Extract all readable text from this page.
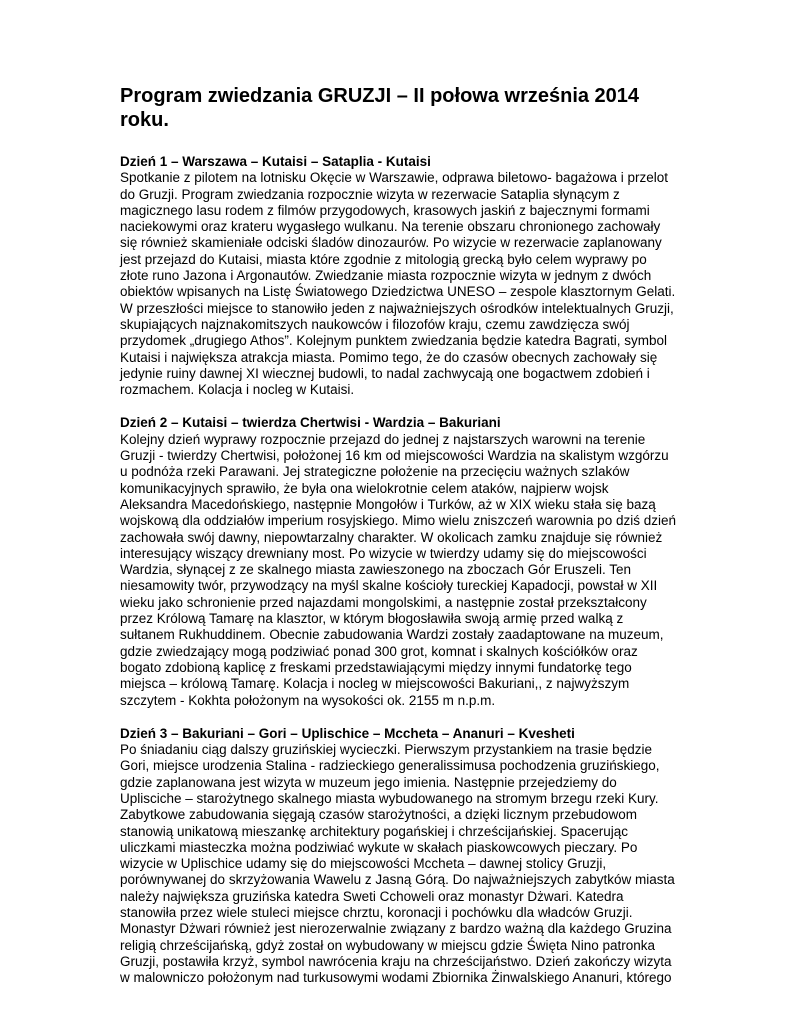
Program zwiedzania GRUZJI – II połowa września 2014
roku.
Dzień 1 – Warszawa – Kutaisi – Sataplia - Kutaisi
Spotkanie z pilotem na lotnisku Okęcie w Warszawie, odprawa biletowo- bagażowa i przelot
do Gruzji. Program zwiedzania rozpocznie wizyta w rezerwacie Sataplia słynącym z
magicznego lasu rodem z filmów przygodowych, krasowych jaskiń z bajecznymi formami
naciekowymi oraz krateru wygasłego wulkanu. Na terenie obszaru chronionego zachowały
się również skamieniałe odciski śladów dinozaurów. Po wizycie w rezerwacie zaplanowany
jest przejazd do Kutaisi, miasta które zgodnie z mitologią grecką było celem wyprawy po
złote runo Jazona i Argonautów. Zwiedzanie miasta rozpocznie wizyta w jednym z dwóch
obiektów wpisanych na Listę Światowego Dziedzictwa UNESO – zespole klasztornym Gelati.
W przeszłości miejsce to stanowiło jeden z najważniejszych ośrodków intelektualnych Gruzji,
skupiających najznakomitszych naukowców i filozofów kraju, czemu zawdzięcza swój
przydomek „drugiego Athos”. Kolejnym punktem zwiedzania będzie katedra Bagrati, symbol
Kutaisi i największa atrakcja miasta. Pomimo tego, że do czasów obecnych zachowały się
jedynie ruiny dawnej XI wiecznej budowli, to nadal zachwycają one bogactwem zdobień i
rozmachem. Kolacja i nocleg w Kutaisi.
Dzień 2 – Kutaisi – twierdza Chertwisi - Wardzia – Bakuriani
Kolejny dzień wyprawy rozpocznie przejazd do jednej z najstarszych warowni na terenie
Gruzji - twierdzy Chertwisi, położonej 16 km od miejscowości Wardzia na skalistym wzgórzu
u podnóża rzeki Parawani. Jej strategiczne położenie na przecięciu ważnych szlaków
komunikacyjnych sprawiło, że była ona wielokrotnie celem ataków, najpierw wojsk
Aleksandra Macedońskiego, następnie Mongołów i Turków, aż w XIX wieku stała się bazą
wojskową dla oddziałów imperium rosyjskiego. Mimo wielu zniszczeń warownia po dziś dzień
zachowała swój dawny, niepowtarzalny charakter. W okolicach zamku znajduje się również
interesujący wiszący drewniany most. Po wizycie w twierdzy udamy się do miejscowości
Wardzia, słynącej z ze skalnego miasta zawieszonego na zboczach Gór Eruszeli. Ten
niesamowity twór, przywodzący na myśl skalne kościoły tureckiej Kapadocji, powstał w XII
wieku jako schronienie przed najazdami mongolskimi, a następnie został przekształcony
przez Królową Tamarę na klasztor, w którym błogosławiła swoją armię przed walką z
sułtanem Rukhuddinem. Obecnie zabudowania Wardzi zostały zaadaptowane na muzeum,
gdzie zwiedzający mogą podziwiać ponad 300 grot, komnat i skalnych kościółków oraz
bogato zdobioną kaplicę z freskami przedstawiającymi między innymi fundatorkę tego
miejsca – królową Tamarę. Kolacja i nocleg w miejscowości Bakuriani,, z najwyższym
szczytem - Kokhta położonym na wysokości ok. 2155 m n.p.m.
Dzień 3 – Bakuriani – Gori – Uplischice – Mccheta – Ananuri – Kvesheti
Po śniadaniu ciąg dalszy gruzińskiej wycieczki. Pierwszym przystankiem na trasie będzie
Gori, miejsce urodzenia Stalina - radzieckiego generalissimusa pochodzenia gruzińskiego,
gdzie zaplanowana jest wizyta w muzeum jego imienia. Następnie przejedziemy do
Uplisciche – starożytnego skalnego miasta wybudowanego na stromym brzegu rzeki Kury.
Zabytkowe zabudowania sięgają czasów starożytności, a dzięki licznym przebudowom
stanowią unikatową mieszankę architektury pogańskiej i chrześcijańskiej. Spacerując
uliczkami miasteczka można podziwiać wykute w skałach piaskowcowych pieczary. Po
wizycie w Uplischice udamy się do miejscowości Mccheta – dawnej stolicy Gruzji,
porównywanej do skrzyżowania Wawelu z Jasną Górą. Do najważniejszych zabytków miasta
należy największa gruzińska katedra Sweti Cchoweli oraz monastyr Dżwari. Katedra
stanowiła przez wiele stuleci miejsce chrztu, koronacji i pochówku dla władców Gruzji.
Monastyr Dżwari również jest nierozerwalnie związany z bardzo ważną dla każdego Gruzina
religią chrześcijańską, gdyż został on wybudowany w miejscu gdzie Święta Nino patronka
Gruzji, postawiła krzyż, symbol nawrócenia kraju na chrześcijaństwo. Dzień zakończy wizyta
w malowniczo położonym nad turkusowymi wodami Zbiornika Żinwalskiego Ananuri, którego
